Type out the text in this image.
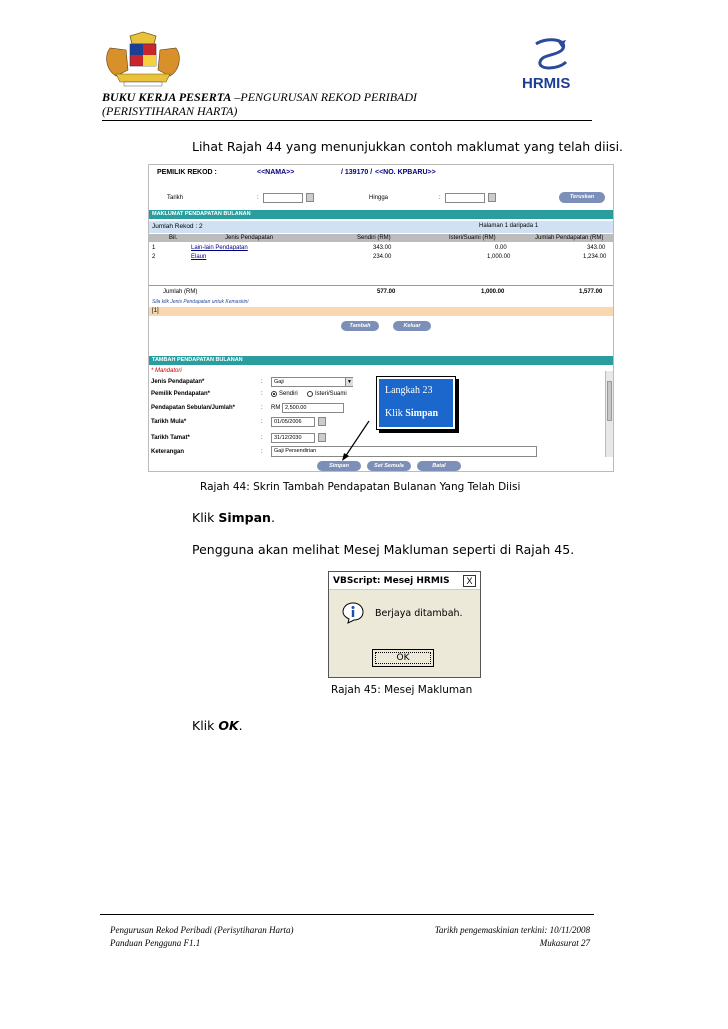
HRMIS
BUKU KERJA PESERTA –PENGURUSAN REKOD PERIBADI
(PERISYTIHARAN HARTA)
Lihat Rajah 44 yang menunjukkan contoh maklumat yang telah diisi.
PEMILIK REKOD :	<<NAMA>>	/ 139170 / <<NO. KPBARU>>
Tarikh	:	Hingga	:	Teruskan
MAKLUMAT PENDAPATAN BULANAN
Jumlah Rekod : 2	Halaman 1 daripada 1
Bil.	Jenis Pendapatan	Sendiri (RM)	Isteri/Suami (RM)	Jumlah Pendapatan (RM)
1	Lain-lain Pendapatan	343.00	0.00	343.00
2	Elaun	234.00	1,000.00	1,234.00
Jumlah (RM)	577.00	1,000.00	1,577.00
Sila klik Jenis Pendapatan untuk Kemaskini
[1]
Tambah	Keluar
TAMBAH PENDAPATAN BULANAN
* Mandatori
Jenis Pendapatan*	:	Gaji	▼
Pemilik Pendapatan*	:	Sendiri	Isteri/Suami
Pendapatan Sebulan/Jumlah*	: RM 2,500.00
Tarikh Mula*	:	01/05/2006
Tarikh Tamat*	:	31/12/2030
Keterangan	:	Gaji Persendirian
Simpan	Set Semula	Batal
Langkah 23
Klik Simpan
Rajah 44: Skrin Tambah Pendapatan Bulanan Yang Telah Diisi
Klik Simpan.
Pengguna akan melihat Mesej Makluman seperti di Rajah 45.
VBScript: Mesej HRMIS	X
Berjaya ditambah.
OK
Rajah 45: Mesej Makluman
Klik OK.
Pengurusan Rekod Peribadi (Perisytiharan Harta)
Panduan Pengguna F1.1
Tarikh pengemaskinian terkini: 10/11/2008
Mukasurat 27
